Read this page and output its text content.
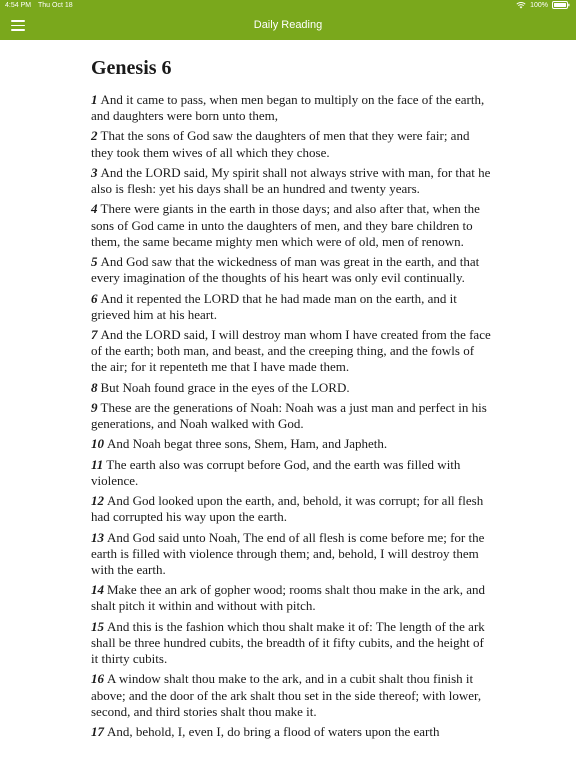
4:54 PM Thu Oct 18	100%
Daily Reading
Genesis 6

1 And it came to pass, when men began to multiply on the face of the earth, and daughters were born unto them,

2 That the sons of God saw the daughters of men that they were fair; and they took them wives of all which they chose.

3 And the LORD said, My spirit shall not always strive with man, for that he also is flesh: yet his days shall be an hundred and twenty years.

4 There were giants in the earth in those days; and also after that, when the sons of God came in unto the daughters of men, and they bare children to them, the same became mighty men which were of old, men of renown.

5 And God saw that the wickedness of man was great in the earth, and that every imagination of the thoughts of his heart was only evil continually.

6 And it repented the LORD that he had made man on the earth, and it grieved him at his heart.

7 And the LORD said, I will destroy man whom I have created from the face of the earth; both man, and beast, and the creeping thing, and the fowls of the air; for it repenteth me that I have made them.

8 But Noah found grace in the eyes of the LORD.

9 These are the generations of Noah: Noah was a just man and perfect in his generations, and Noah walked with God.

10 And Noah begat three sons, Shem, Ham, and Japheth.

11 The earth also was corrupt before God, and the earth was filled with violence.

12 And God looked upon the earth, and, behold, it was corrupt; for all flesh had corrupted his way upon the earth.

13 And God said unto Noah, The end of all flesh is come before me; for the earth is filled with violence through them; and, behold, I will destroy them with the earth.

14 Make thee an ark of gopher wood; rooms shalt thou make in the ark, and shalt pitch it within and without with pitch.

15 And this is the fashion which thou shalt make it of: The length of the ark shall be three hundred cubits, the breadth of it fifty cubits, and the height of it thirty cubits.

16 A window shalt thou make to the ark, and in a cubit shalt thou finish it above; and the door of the ark shalt thou set in the side thereof; with lower, second, and third stories shalt thou make it.

17 And, behold, I, even I, do bring a flood of waters upon the earth
